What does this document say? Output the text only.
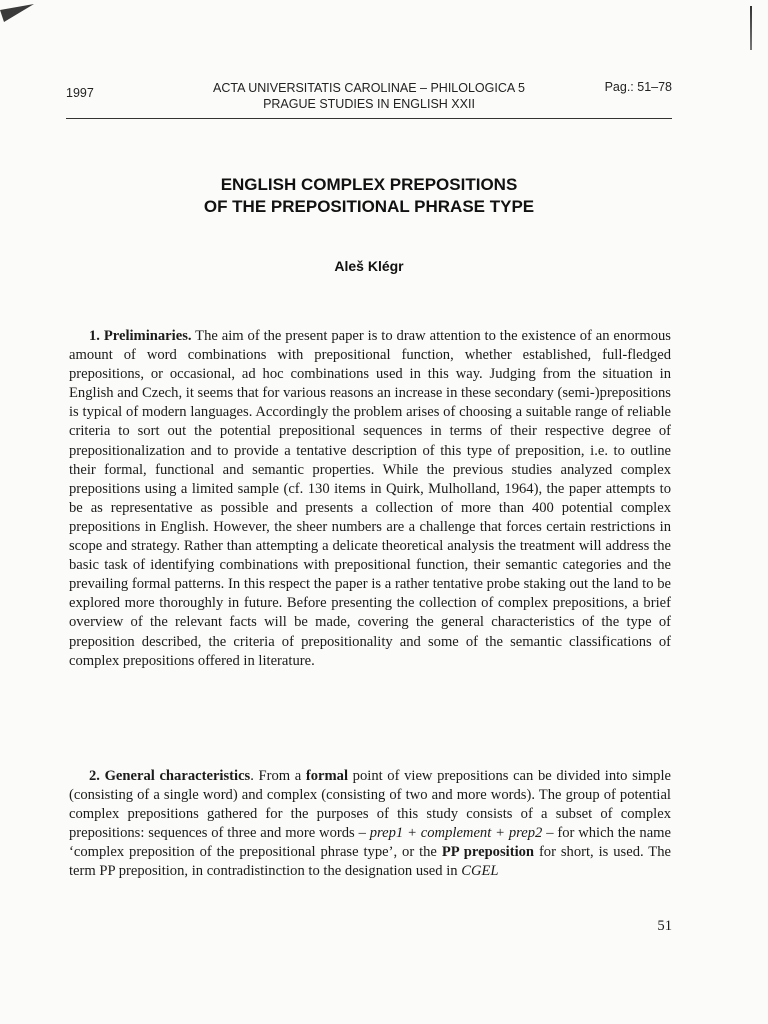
1997	ACTA UNIVERSITATIS CAROLINAE – PHILOLOGICA 5
PRAGUE STUDIES IN ENGLISH XXII
Pag.: 51–78
ENGLISH COMPLEX PREPOSITIONS
OF THE PREPOSITIONAL PHRASE TYPE
Aleš Klégr

1. Preliminaries. The aim of the present paper is to draw attention to the existence of an enormous amount of word combinations with prepositional function, whether established, full-fledged prepositions, or occasional, ad hoc combinations used in this way. Judging from the situation in English and Czech, it seems that for various reasons an increase in these secondary (semi-)prepositions is typical of modern languages. Accordingly the problem arises of choosing a suitable range of reliable criteria to sort out the potential prepositional sequences in terms of their respective degree of prepositionalization and to provide a tentative description of this type of preposition, i.e. to outline their formal, functional and semantic properties. While the previous studies analyzed complex prepositions using a limited sample (cf. 130 items in Quirk, Mulholland, 1964), the paper attempts to be as representative as possible and presents a collection of more than 400 potential complex prepositions in English. However, the sheer numbers are a challenge that forces certain restrictions in scope and strategy. Rather than attempting a delicate theoretical analysis the treatment will address the basic task of identifying combinations with prepositional function, their semantic categories and the prevailing formal patterns. In this respect the paper is a rather tentative probe staking out the land to be explored more thoroughly in future. Before presenting the collection of complex prepositions, a brief overview of the relevant facts will be made, covering the general characteristics of the type of preposition described, the criteria of prepositionality and some of the semantic classifications of complex prepositions offered in literature.

2. General characteristics. From a formal point of view prepositions can be divided into simple (consisting of a single word) and complex (consisting of two and more words). The group of potential complex prepositions gathered for the purposes of this study consists of a subset of complex prepositions: sequences of three and more words – prep1 + complement + prep2 – for which the name ‘complex preposition of the prepositional phrase type’, or the PP preposition for short, is used. The term PP preposition, in contradistinction to the designation used in CGEL

51
